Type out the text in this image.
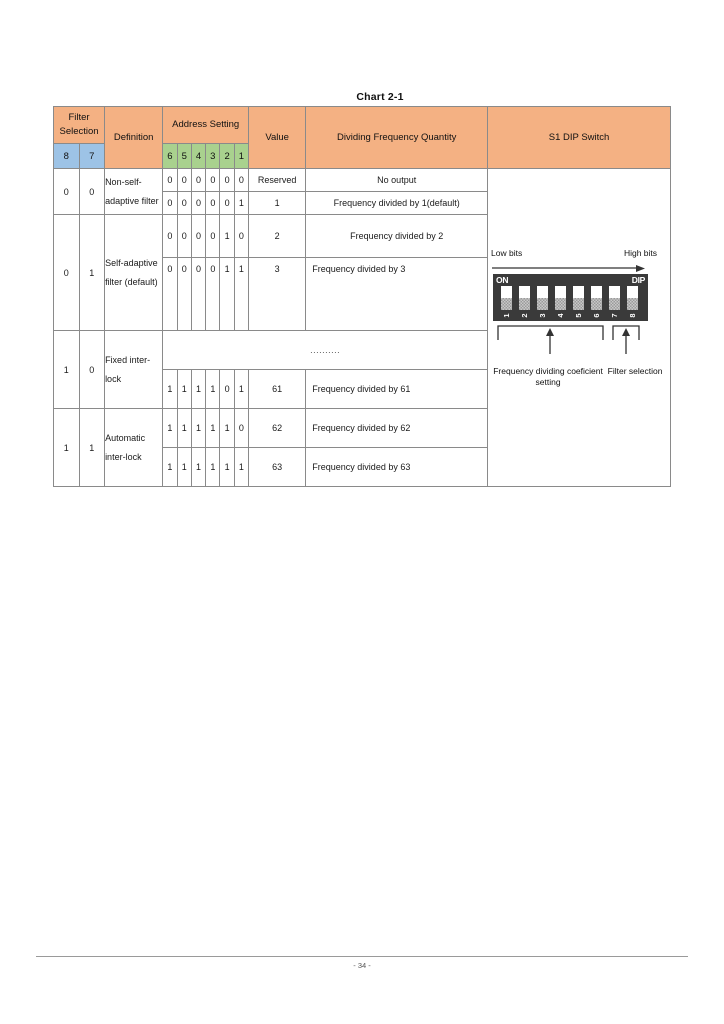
Chart 2-1
Filter Selection		Definition	Address Setting						Value	Dividing Frequency Quantity	S1 DIP Switch
8	7		6	5	4	3	2	1			
0	0	Non-self-adaptive filter	0	0	0	0	0	0	Reserved	No output	
Low bits	High bits
ON	DIP
1 2 3 4 5 6 7 8
Frequency dividing coeficient setting
Filter selection

			0	0	0	0	0	1	1	Frequency divided by 1(default)	
0	1	Self-adaptive filter (default)	0	0	0	0	1	0	2	Frequency divided by 2	
			0	0	0	0	1	1	3	Frequency divided by 3	
1	0	Fixed inter-lock	..........								
			1	1	1	1	0	1	61	Frequency divided by 61	
1	1	Automatic inter-lock	1	1	1	1	1	0	62	Frequency divided by 62	
			1	1	1	1	1	1	63	Frequency divided by 63	
- 34 -
